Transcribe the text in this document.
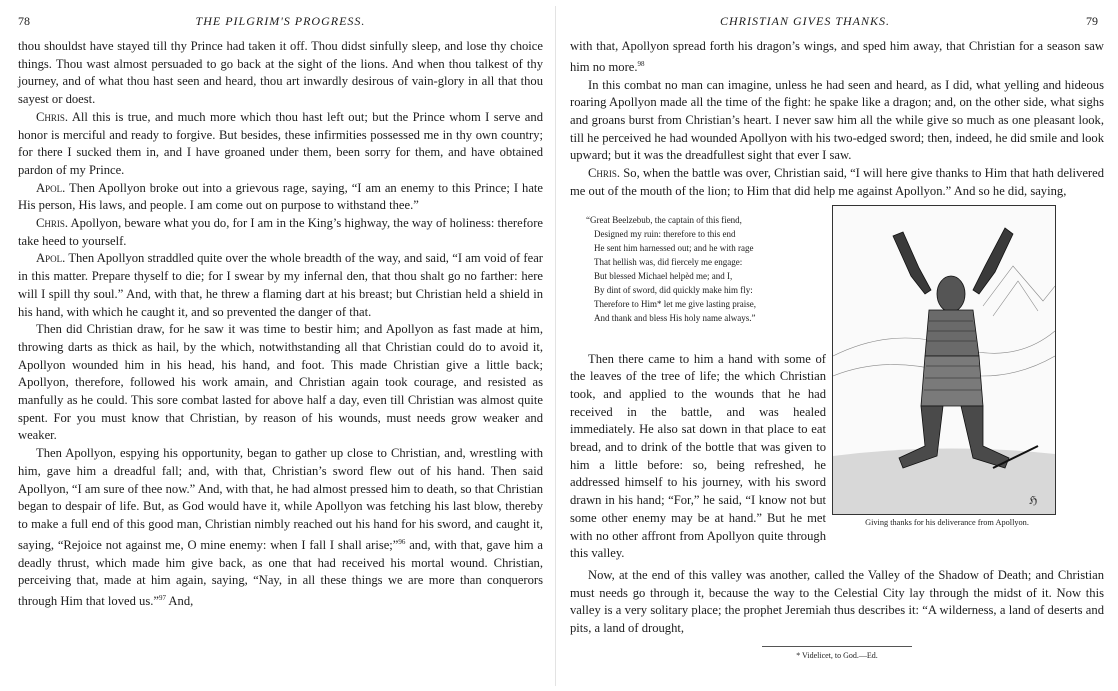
78	THE PILGRIM'S PROGRESS.

thou shouldst have stayed till thy Prince had taken it off. Thou didst sinfully sleep, and lose thy choice things. Thou wast almost persuaded to go back at the sight of the lions. And when thou talkest of thy journey, and of what thou hast seen and heard, thou art inwardly desirous of vain-glory in all that thou sayest or doest.

Chris. All this is true, and much more which thou hast left out; but the Prince whom I serve and honor is merciful and ready to forgive. But besides, these infirmities possessed me in thy own country; for there I sucked them in, and I have groaned under them, been sorry for them, and have obtained pardon of my Prince.

Apol. Then Apollyon broke out into a grievous rage, saying, “I am an enemy to this Prince; I hate His person, His laws, and people. I am come out on purpose to withstand thee.”

Chris. Apollyon, beware what you do, for I am in the King’s highway, the way of holiness: therefore take heed to yourself.

Apol. Then Apollyon straddled quite over the whole breadth of the way, and said, “I am void of fear in this matter. Prepare thyself to die; for I swear by my infernal den, that thou shalt go no farther: here will I spill thy soul.” And, with that, he threw a flaming dart at his breast; but Christian held a shield in his hand, with which he caught it, and so prevented the danger of that.

Then did Christian draw, for he saw it was time to bestir him; and Apollyon as fast made at him, throwing darts as thick as hail, by the which, notwithstanding all that Christian could do to avoid it, Apollyon wounded him in his head, his hand, and foot. This made Christian give a little back; Apollyon, therefore, followed his work amain, and Christian again took courage, and resisted as manfully as he could. This sore combat lasted for above half a day, even till Christian was almost quite spent. For you must know that Christian, by reason of his wounds, must needs grow weaker and weaker.

Then Apollyon, espying his opportunity, began to gather up close to Christian, and, wrestling with him, gave him a dreadful fall; and, with that, Christian’s sword flew out of his hand. Then said Apollyon, “I am sure of thee now.” And, with that, he had almost pressed him to death, so that Christian began to despair of life. But, as God would have it, while Apollyon was fetching his last blow, thereby to make a full end of this good man, Christian nimbly reached out his hand for his sword, and caught it, saying, “Rejoice not against me, O mine enemy: when I fall I shall arise;”$^{96}$ and, with that, gave him a deadly thrust, which made him give back, as one that had received his mortal wound. Christian, perceiving that, made at him again, saying, “Nay, in all these things we are more than conquerors through Him that loved us.”$^{97}$ And,

CHRISTIAN GIVES THANKS.	79

with that, Apollyon spread forth his dragon’s wings, and sped him away, that Christian for a season saw him no more.$^{98}$

In this combat no man can imagine, unless he had seen and heard, as I did, what yelling and hideous roaring Apollyon made all the time of the fight: he spake like a dragon; and, on the other side, what sighs and groans burst from Christian’s heart. I never saw him all the while give so much as one pleasant look, till he perceived he had wounded Apollyon with his two-edged sword; then, indeed, he did smile and look upward; but it was the dreadfullest sight that ever I saw.

Chris. So, when the battle was over, Christian said, “I will here give thanks to Him that hath delivered me out of the mouth of the lion; to Him that did help me against Apollyon.” And so he did, saying,

“Great Beelzebub, the captain of this fiend,
Designed my ruin: therefore to this end
He sent him harnessed out; and he with rage
That hellish was, did fiercely me engage:
But blessed Michael helpèd me; and I,
By dint of sword, did quickly make him fly:
Therefore to Him* let me give lasting praise,
And thank and bless His holy name always.”
ℌ
Giving thanks for his deliverance from Apollyon.

Then there came to him a hand with some of the leaves of the tree of life; the which Christian took, and applied to the wounds that he had received in the battle, and was healed immediately. He also sat down in that place to eat bread, and to drink of the bottle that was given to him a little before: so, being refreshed, he addressed himself to his journey, with his sword drawn in his hand; “For,” he said, “I know not but some other enemy may be at hand.” But he met with no other affront from Apollyon quite through this valley.

Now, at the end of this valley was another, called the Valley of the Shadow of Death; and Christian must needs go through it, because the way to the Celestial City lay through the midst of it. Now this valley is a very solitary place; the prophet Jeremiah thus describes it: “A wilderness, a land of deserts and pits, a land of drought,

* Videlicet, to God.—Ed.
